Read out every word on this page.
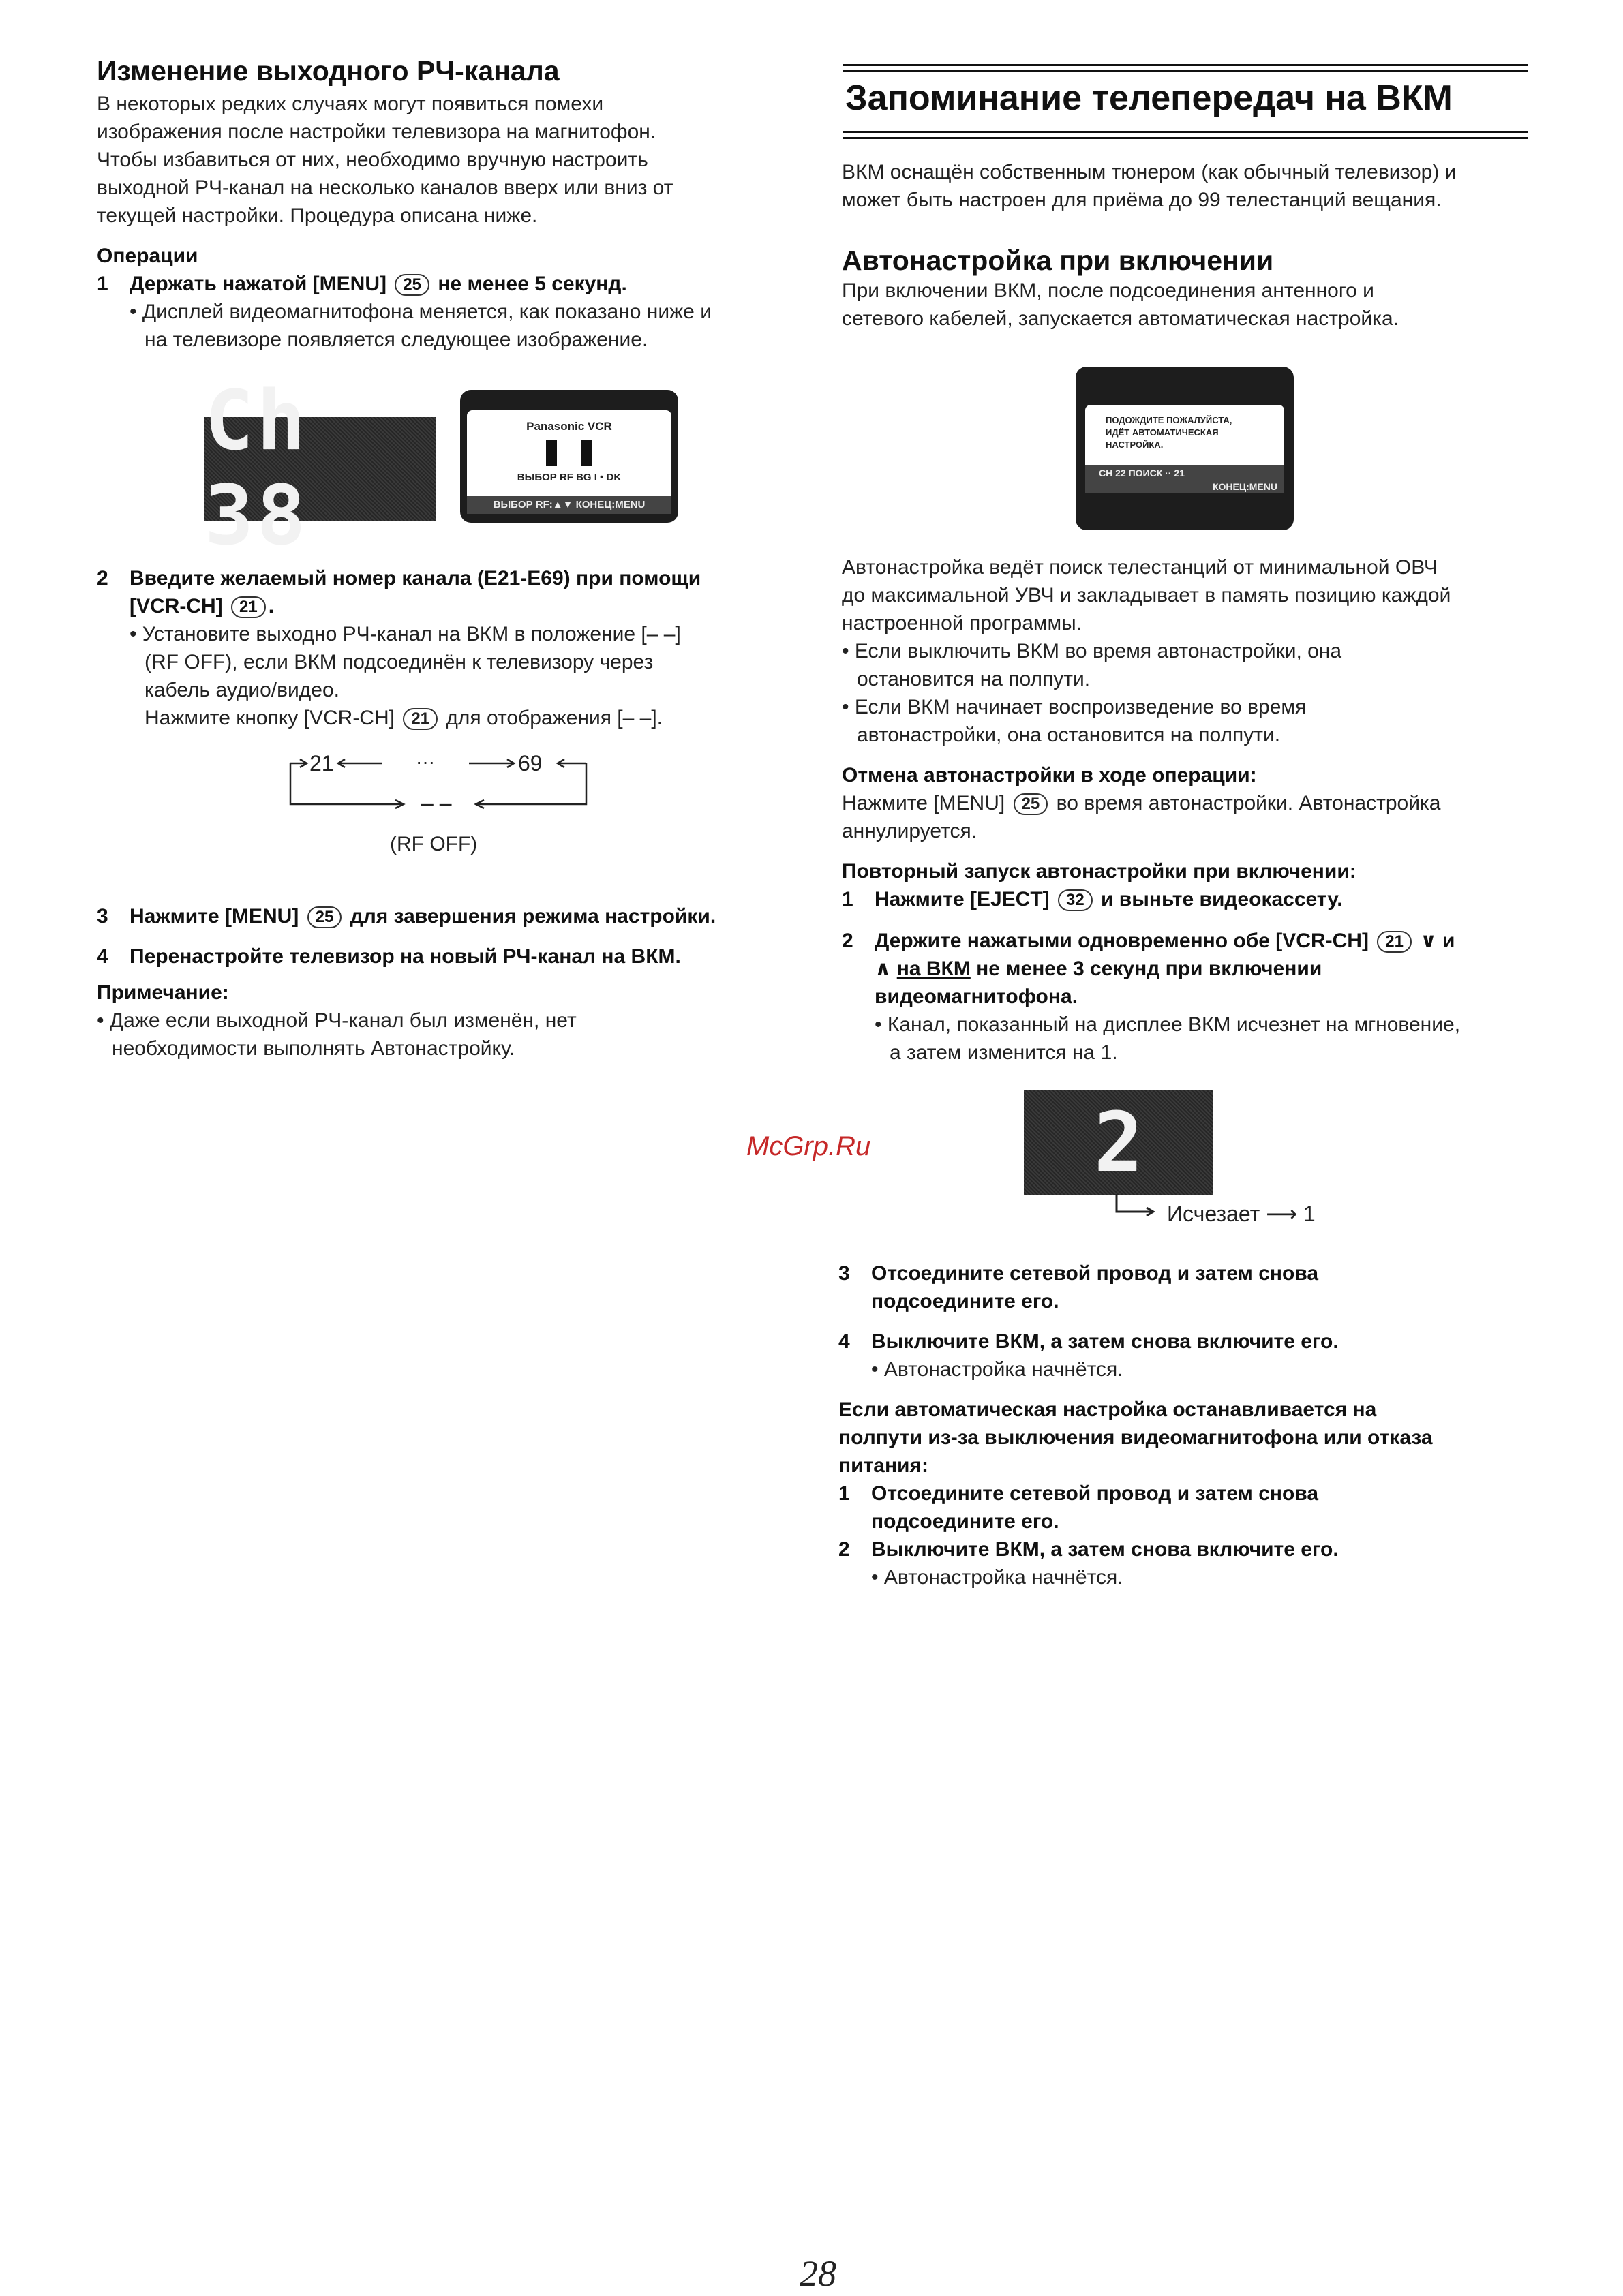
Изменение выходного РЧ-канала
В некоторых редких случаях могут появиться помехи
изображения после настройки телевизора на магнитофон.
Чтобы избавиться от них, необходимо вручную настроить
выходной РЧ-канал на несколько каналов вверх или вниз от
текущей настройки. Процедура описана ниже.
Операции
1 Держать нажатой [MENU] 25 не менее 5 секунд.
• Дисплей видеомагнитофона меняется, как показано ниже и
на телевизоре появляется следующее изображение.
Ch 38
Panasonic VCR
ВЫБОР RF BG I • DK
ВЫБОР RF:▲▼ КОНЕЦ:MENU
2 Введите желаемый номер канала (E21-E69) при помощи
[VCR-CH] 21 .
• Установите выходно РЧ-канал на ВКМ в положение [– –]
(RF OFF), если ВКМ подсоединён к телевизору через
кабель аудио/видео.
Нажмите кнопку [VCR-CH] 21 для отображения [– –].
21	···	69
– –
(RF OFF)
3 Нажмите [MENU] 25 для завершения режима настройки.
4 Перенастройте телевизор на новый РЧ-канал на ВКМ.
Примечание:
• Даже если выходной РЧ-канал был изменён, нет
необходимости выполнять Автонастройку.
Запоминание телепередач на ВКМ
ВКМ оснащён собственным тюнером (как обычный телевизор) и
может быть настроен для приёма до 99 телестанций вещания.
Автонастройка при включении
При включении ВКМ, после подсоединения антенного и
сетевого кабелей, запускается автоматическая настройка.
ПОДОЖДИТЕ ПОЖАЛУЙСТА,
ИДЁТ АВТОМАТИЧЕСКАЯ
НАСТРОЙКА.
CH 22 ПОИСК ·· 21
КОНЕЦ:MENU
Автонастройка ведёт поиск телестанций от минимальной ОВЧ
до максимальной УВЧ и закладывает в память позицию каждой
настроенной программы.
• Если выключить ВКМ во время автонастройки, она
остановится на полпути.
• Если ВКМ начинает воспроизведение во время
автонастройки, она остановится на полпути.
Отмена автонастройки в ходе операции:
Нажмите [MENU] 25 во время автонастройки. Автонастройка
аннулируется.
Повторный запуск автонастройки при включении:
1 Нажмите [EJECT] 32 и выньте видеокассету.
2 Держите нажатыми одновременно обе [VCR-CH] 21 ∨ и
∧ на ВКМ не менее 3 секунд при включении
видеомагнитофона.
• Канал, показанный на дисплее ВКМ исчезнет на мгновение,
а затем изменится на 1.
2
Исчезает ⟶ 1
3 Отсоедините сетевой провод и затем снова
подсоедините его.
4 Выключите ВКМ, а затем снова включите его.
• Автонастройка начнётся.
Если автоматическая настройка останавливается на
полпути из-за выключения видеомагнитофона или отказа
питания:
1 Отсоедините сетевой провод и затем снова
подсоедините его.
2 Выключите ВКМ, а затем снова включите его.
• Автонастройка начнётся.
McGrp.Ru
28
